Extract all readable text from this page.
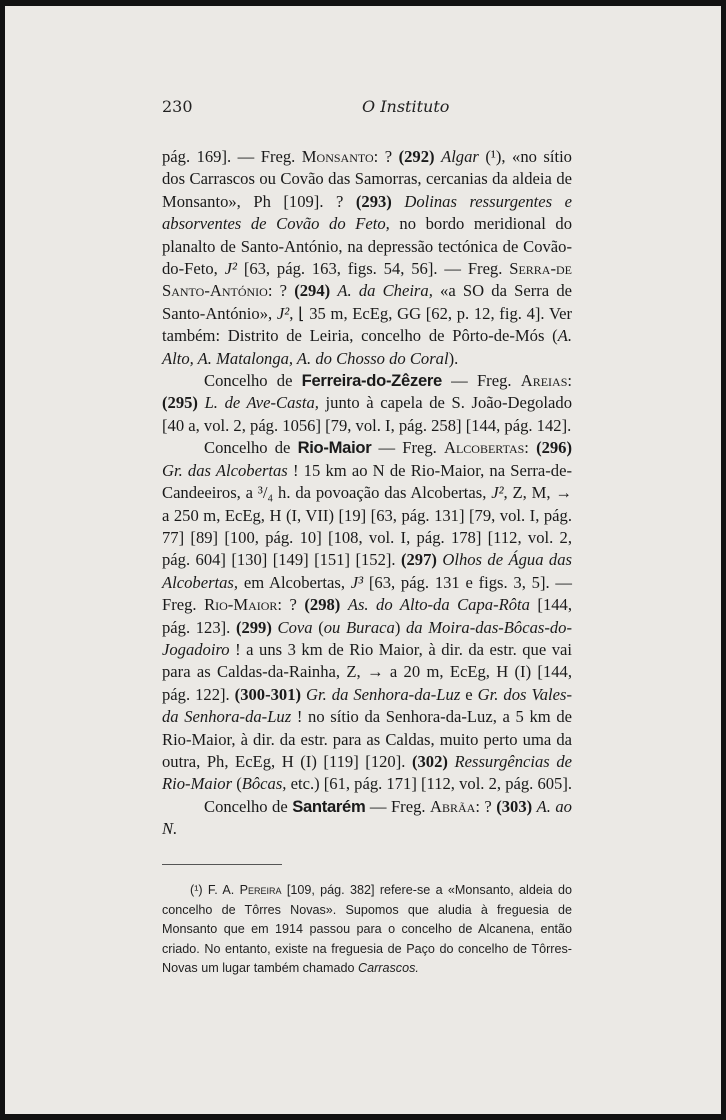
230	O Instituto

pág. 169]. — Freg. Monsanto: ? (292) Algar (¹), «no sítio dos Carrascos ou Covão das Samorras, cercanias da aldeia de Monsanto», Ph [109]. ? (293) Dolinas ressurgentes e absorventes de Covão do Feto, no bordo meridional do planalto de Santo-António, na depressão tectónica de Covão-do-Feto, J² [63, pág. 163, figs. 54, 56]. — Freg. Serra-de Santo-António: ? (294) A. da Cheira, «a SO da Serra de Santo-António», J², ⌊ 35 m, EcEg, GG [62, p. 12, fig. 4]. Ver também: Distrito de Leiria, concelho de Pôrto-de-Mós (A. Alto, A. Matalonga, A. do Chosso do Coral).

Concelho de Ferreira-do-Zêzere — Freg. Areias: (295) L. de Ave-Casta, junto à capela de S. João-Degolado [40 a, vol. 2, pág. 1056] [79, vol. I, pág. 258] [144, pág. 142].

Concelho de Rio-Maior — Freg. Alcobertas: (296) Gr. das Alcobertas ! 15 km ao N de Rio-Maior, na Serra-de-Candeeiros, a ³/₄ h. da povoação das Alcobertas, J², Z, M, → a 250 m, EcEg, H (I, VII) [19] [63, pág. 131] [79, vol. I, pág. 77] [89] [100, pág. 10] [108, vol. I, pág. 178] [112, vol. 2, pág. 604] [130] [149] [151] [152]. (297) Olhos de Água das Alcobertas, em Alcobertas, J³ [63, pág. 131 e figs. 3, 5]. — Freg. Rio-Maior: ? (298) As. do Alto-da Capa-Rôta [144, pág. 123]. (299) Cova (ou Buraca) da Moira-das-Bôcas-do-Jogadoiro ! a uns 3 km de Rio Maior, à dir. da estr. que vai para as Caldas-da-Rainha, Z, → a 20 m, EcEg, H (I) [144, pág. 122]. (300-301) Gr. da Senhora-da-Luz e Gr. dos Vales-da Senhora-da-Luz ! no sítio da Senhora-da-Luz, a 5 km de Rio-Maior, à dir. da estr. para as Caldas, muito perto uma da outra, Ph, EcEg, H (I) [119] [120]. (302) Ressurgências de Rio-Maior (Bôcas, etc.) [61, pág. 171] [112, vol. 2, pág. 605].

Concelho de Santarém — Freg. Abrãa: ? (303) A. ao N.

(¹) F. A. Pereira [109, pág. 382] refere-se a «Monsanto, aldeia do concelho de Tôrres Novas». Supomos que aludia à freguesia de Monsanto que em 1914 passou para o concelho de Alcanena, então criado. No entanto, existe na freguesia de Paço do concelho de Tôrres-Novas um lugar também chamado Carrascos.
